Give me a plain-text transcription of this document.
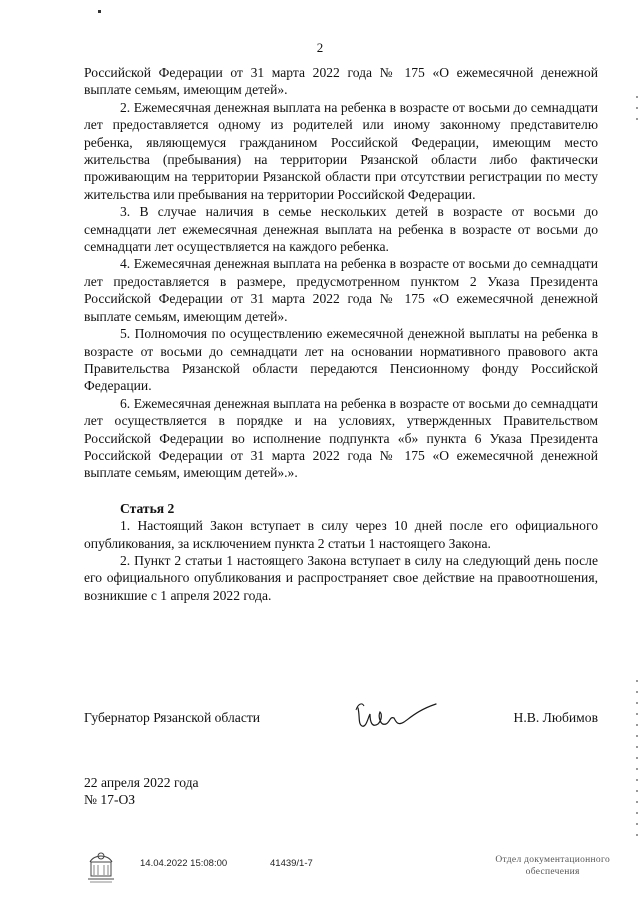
2

Российской Федерации от 31 марта 2022 года № 175 «О ежемесячной денежной выплате семьям, имеющим детей».

2. Ежемесячная денежная выплата на ребенка в возрасте от восьми до семнадцати лет предоставляется одному из родителей или иному законному представителю ребенка, являющемуся гражданином Российской Федерации, имеющим место жительства (пребывания) на территории Рязанской области либо фактически проживающим на территории Рязанской области при отсутствии регистрации по месту жительства или пребывания на территории Российской Федерации.

3. В случае наличия в семье нескольких детей в возрасте от восьми до семнадцати лет ежемесячная денежная выплата на ребенка в возрасте от восьми до семнадцати лет осуществляется на каждого ребенка.

4. Ежемесячная денежная выплата на ребенка в возрасте от восьми до семнадцати лет предоставляется в размере, предусмотренном пунктом 2 Указа Президента Российской Федерации от 31 марта 2022 года № 175 «О ежемесячной денежной выплате семьям, имеющим детей».

5. Полномочия по осуществлению ежемесячной денежной выплаты на ребенка в возрасте от восьми до семнадцати лет на основании нормативного правового акта Правительства Рязанской области передаются Пенсионному фонду Российской Федерации.

6. Ежемесячная денежная выплата на ребенка в возрасте от восьми до семнадцати лет осуществляется в порядке и на условиях, утвержденных Правительством Российской Федерации во исполнение подпункта «б» пункта 6 Указа Президента Российской Федерации от 31 марта 2022 года № 175 «О ежемесячной денежной выплате семьям, имеющим детей».».

Статья 2

1. Настоящий Закон вступает в силу через 10 дней после его официального опубликования, за исключением пункта 2 статьи 1 настоящего Закона.

2. Пункт 2 статьи 1 настоящего Закона вступает в силу на следующий день после его официального опубликования и распространяет свое действие на правоотношения, возникшие с 1 апреля 2022 года.

Губернатор Рязанской области	Н.В. Любимов
22 апреля 2022 года
№ 17-ОЗ
14.04.2022 15:08:00	41439/1-7	Отдел документационного
обеспечения
